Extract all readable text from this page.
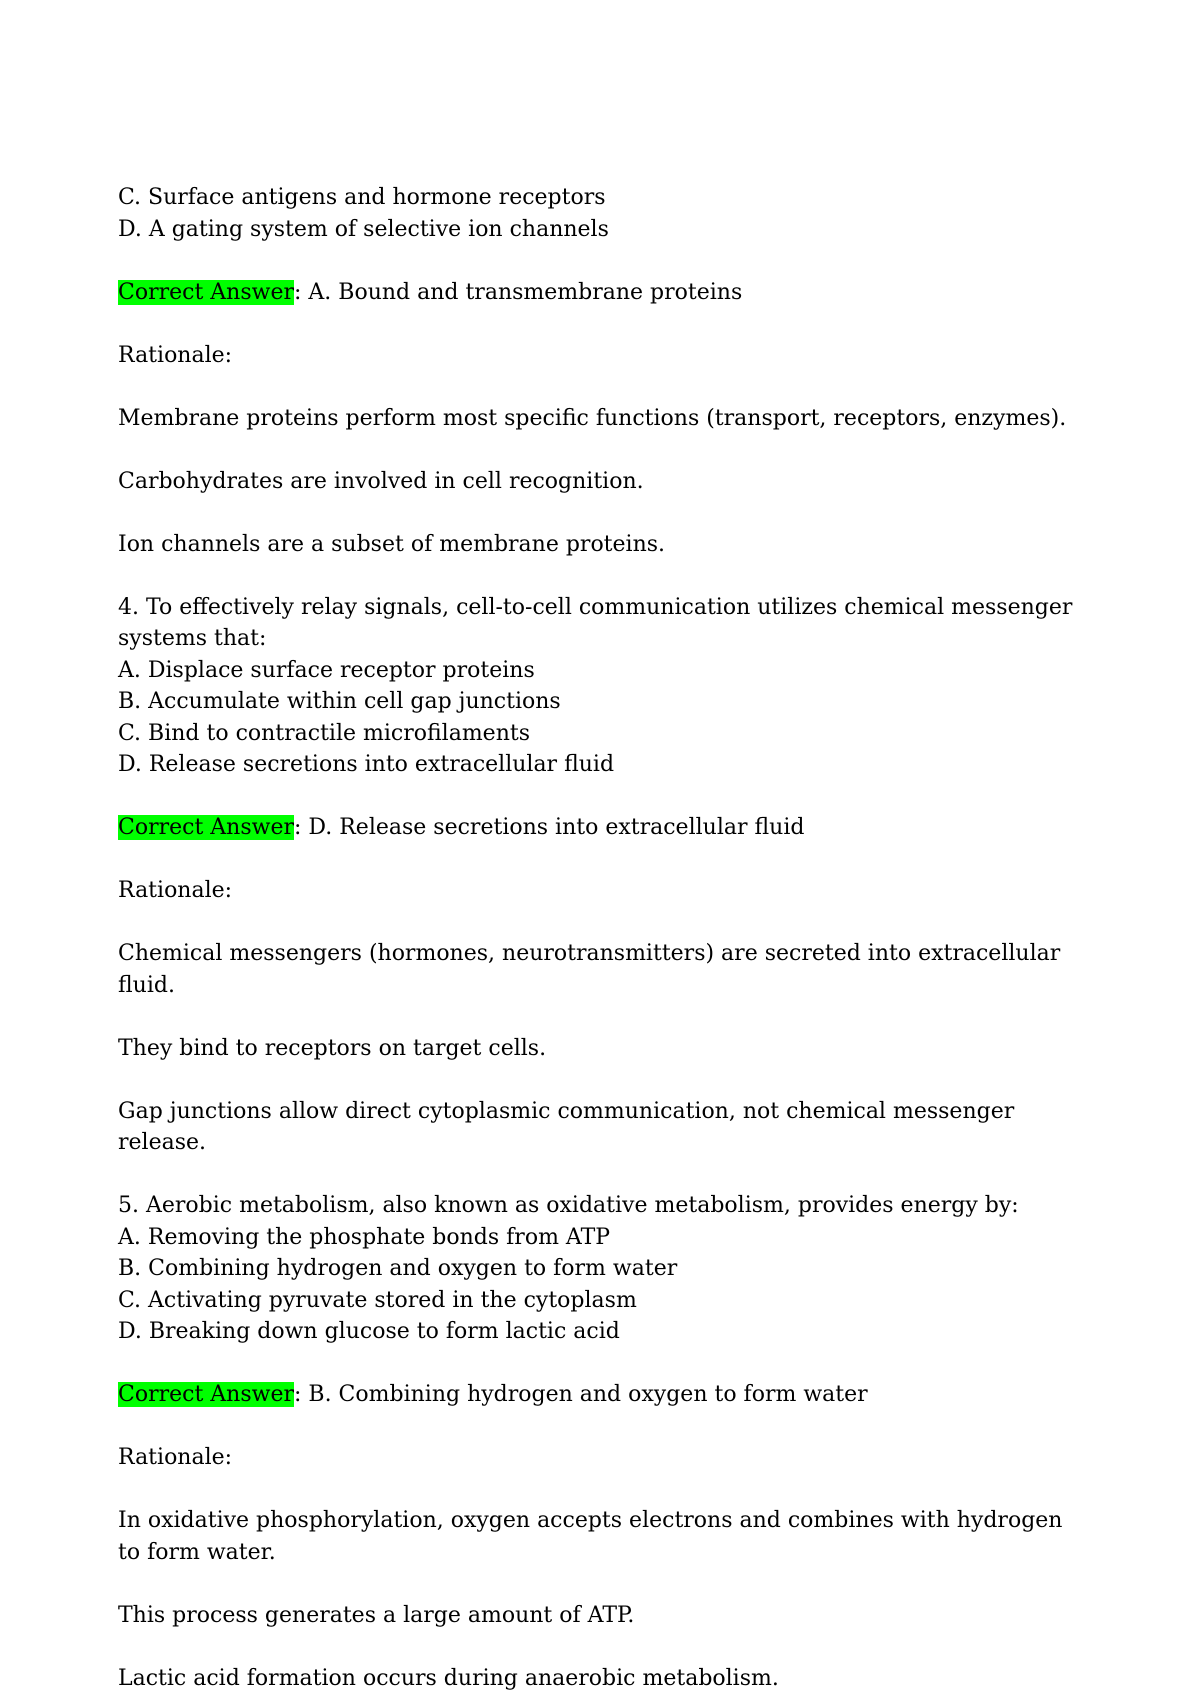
C. Surface antigens and hormone receptors
D. A gating system of selective ion channels
Correct Answer: A. Bound and transmembrane proteins
Rationale:
Membrane proteins perform most specific functions (transport, receptors, enzymes).
Carbohydrates are involved in cell recognition.
Ion channels are a subset of membrane proteins.
4. To effectively relay signals, cell-to-cell communication utilizes chemical messenger systems that:
A. Displace surface receptor proteins
B. Accumulate within cell gap junctions
C. Bind to contractile microfilaments
D. Release secretions into extracellular fluid
Correct Answer: D. Release secretions into extracellular fluid
Rationale:
Chemical messengers (hormones, neurotransmitters) are secreted into extracellular fluid.
They bind to receptors on target cells.
Gap junctions allow direct cytoplasmic communication, not chemical messenger release.
5. Aerobic metabolism, also known as oxidative metabolism, provides energy by:
A. Removing the phosphate bonds from ATP
B. Combining hydrogen and oxygen to form water
C. Activating pyruvate stored in the cytoplasm
D. Breaking down glucose to form lactic acid
Correct Answer: B. Combining hydrogen and oxygen to form water
Rationale:
In oxidative phosphorylation, oxygen accepts electrons and combines with hydrogen to form water.
This process generates a large amount of ATP.
Lactic acid formation occurs during anaerobic metabolism.
